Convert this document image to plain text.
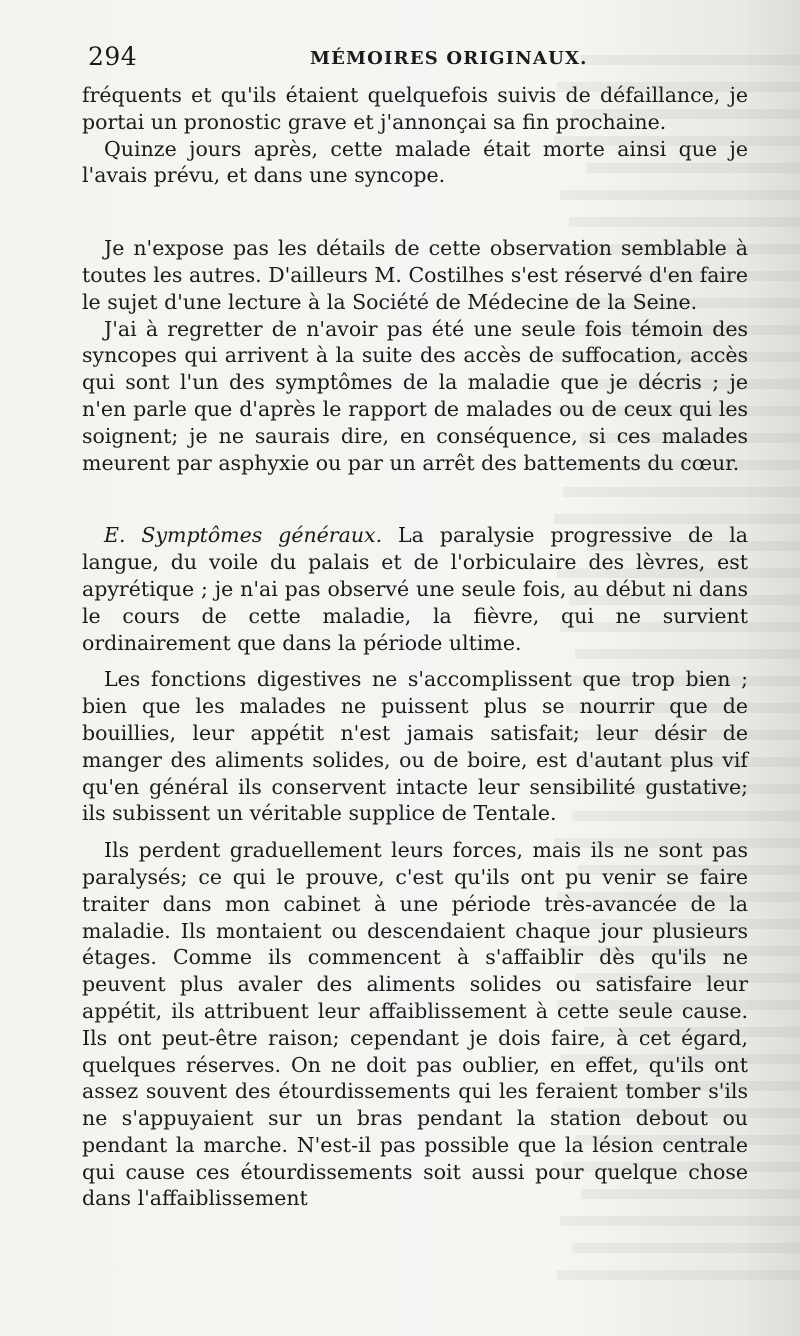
294	MÉMOIRES ORIGINAUX.

fréquents et qu'ils étaient quelquefois suivis de défaillance, je portai un pronostic grave et j'annonçai sa fin prochaine.

Quinze jours après, cette malade était morte ainsi que je l'avais prévu, et dans une syncope.

Je n'expose pas les détails de cette observation semblable à toutes les autres. D'ailleurs M. Costilhes s'est réservé d'en faire le sujet d'une lecture à la Société de Médecine de la Seine.

J'ai à regretter de n'avoir pas été une seule fois témoin des syncopes qui arrivent à la suite des accès de suffocation, accès qui sont l'un des symptômes de la maladie que je décris ; je n'en parle que d'après le rapport de malades ou de ceux qui les soignent; je ne saurais dire, en conséquence, si ces malades meurent par asphyxie ou par un arrêt des battements du cœur.

E. Symptômes généraux. La paralysie progressive de la langue, du voile du palais et de l'orbiculaire des lèvres, est apyrétique ; je n'ai pas observé une seule fois, au début ni dans le cours de cette maladie, la fièvre, qui ne survient ordinairement que dans la période ultime.

Les fonctions digestives ne s'accomplissent que trop bien ; bien que les malades ne puissent plus se nourrir que de bouillies, leur appétit n'est jamais satisfait; leur désir de manger des aliments solides, ou de boire, est d'autant plus vif qu'en général ils conservent intacte leur sensibilité gustative; ils subissent un véritable supplice de Tentale.

Ils perdent graduellement leurs forces, mais ils ne sont pas paralysés; ce qui le prouve, c'est qu'ils ont pu venir se faire traiter dans mon cabinet à une période très-avancée de la maladie. Ils montaient ou descendaient chaque jour plusieurs étages. Comme ils commencent à s'affaiblir dès qu'ils ne peuvent plus avaler des aliments solides ou satisfaire leur appétit, ils attribuent leur affaiblissement à cette seule cause. Ils ont peut-être raison; cependant je dois faire, à cet égard, quelques réserves. On ne doit pas oublier, en effet, qu'ils ont assez souvent des étourdissements qui les feraient tomber s'ils ne s'appuyaient sur un bras pendant la station debout ou pendant la marche. N'est-il pas possible que la lésion centrale qui cause ces étourdissements soit aussi pour quelque chose dans l'affaiblissement
